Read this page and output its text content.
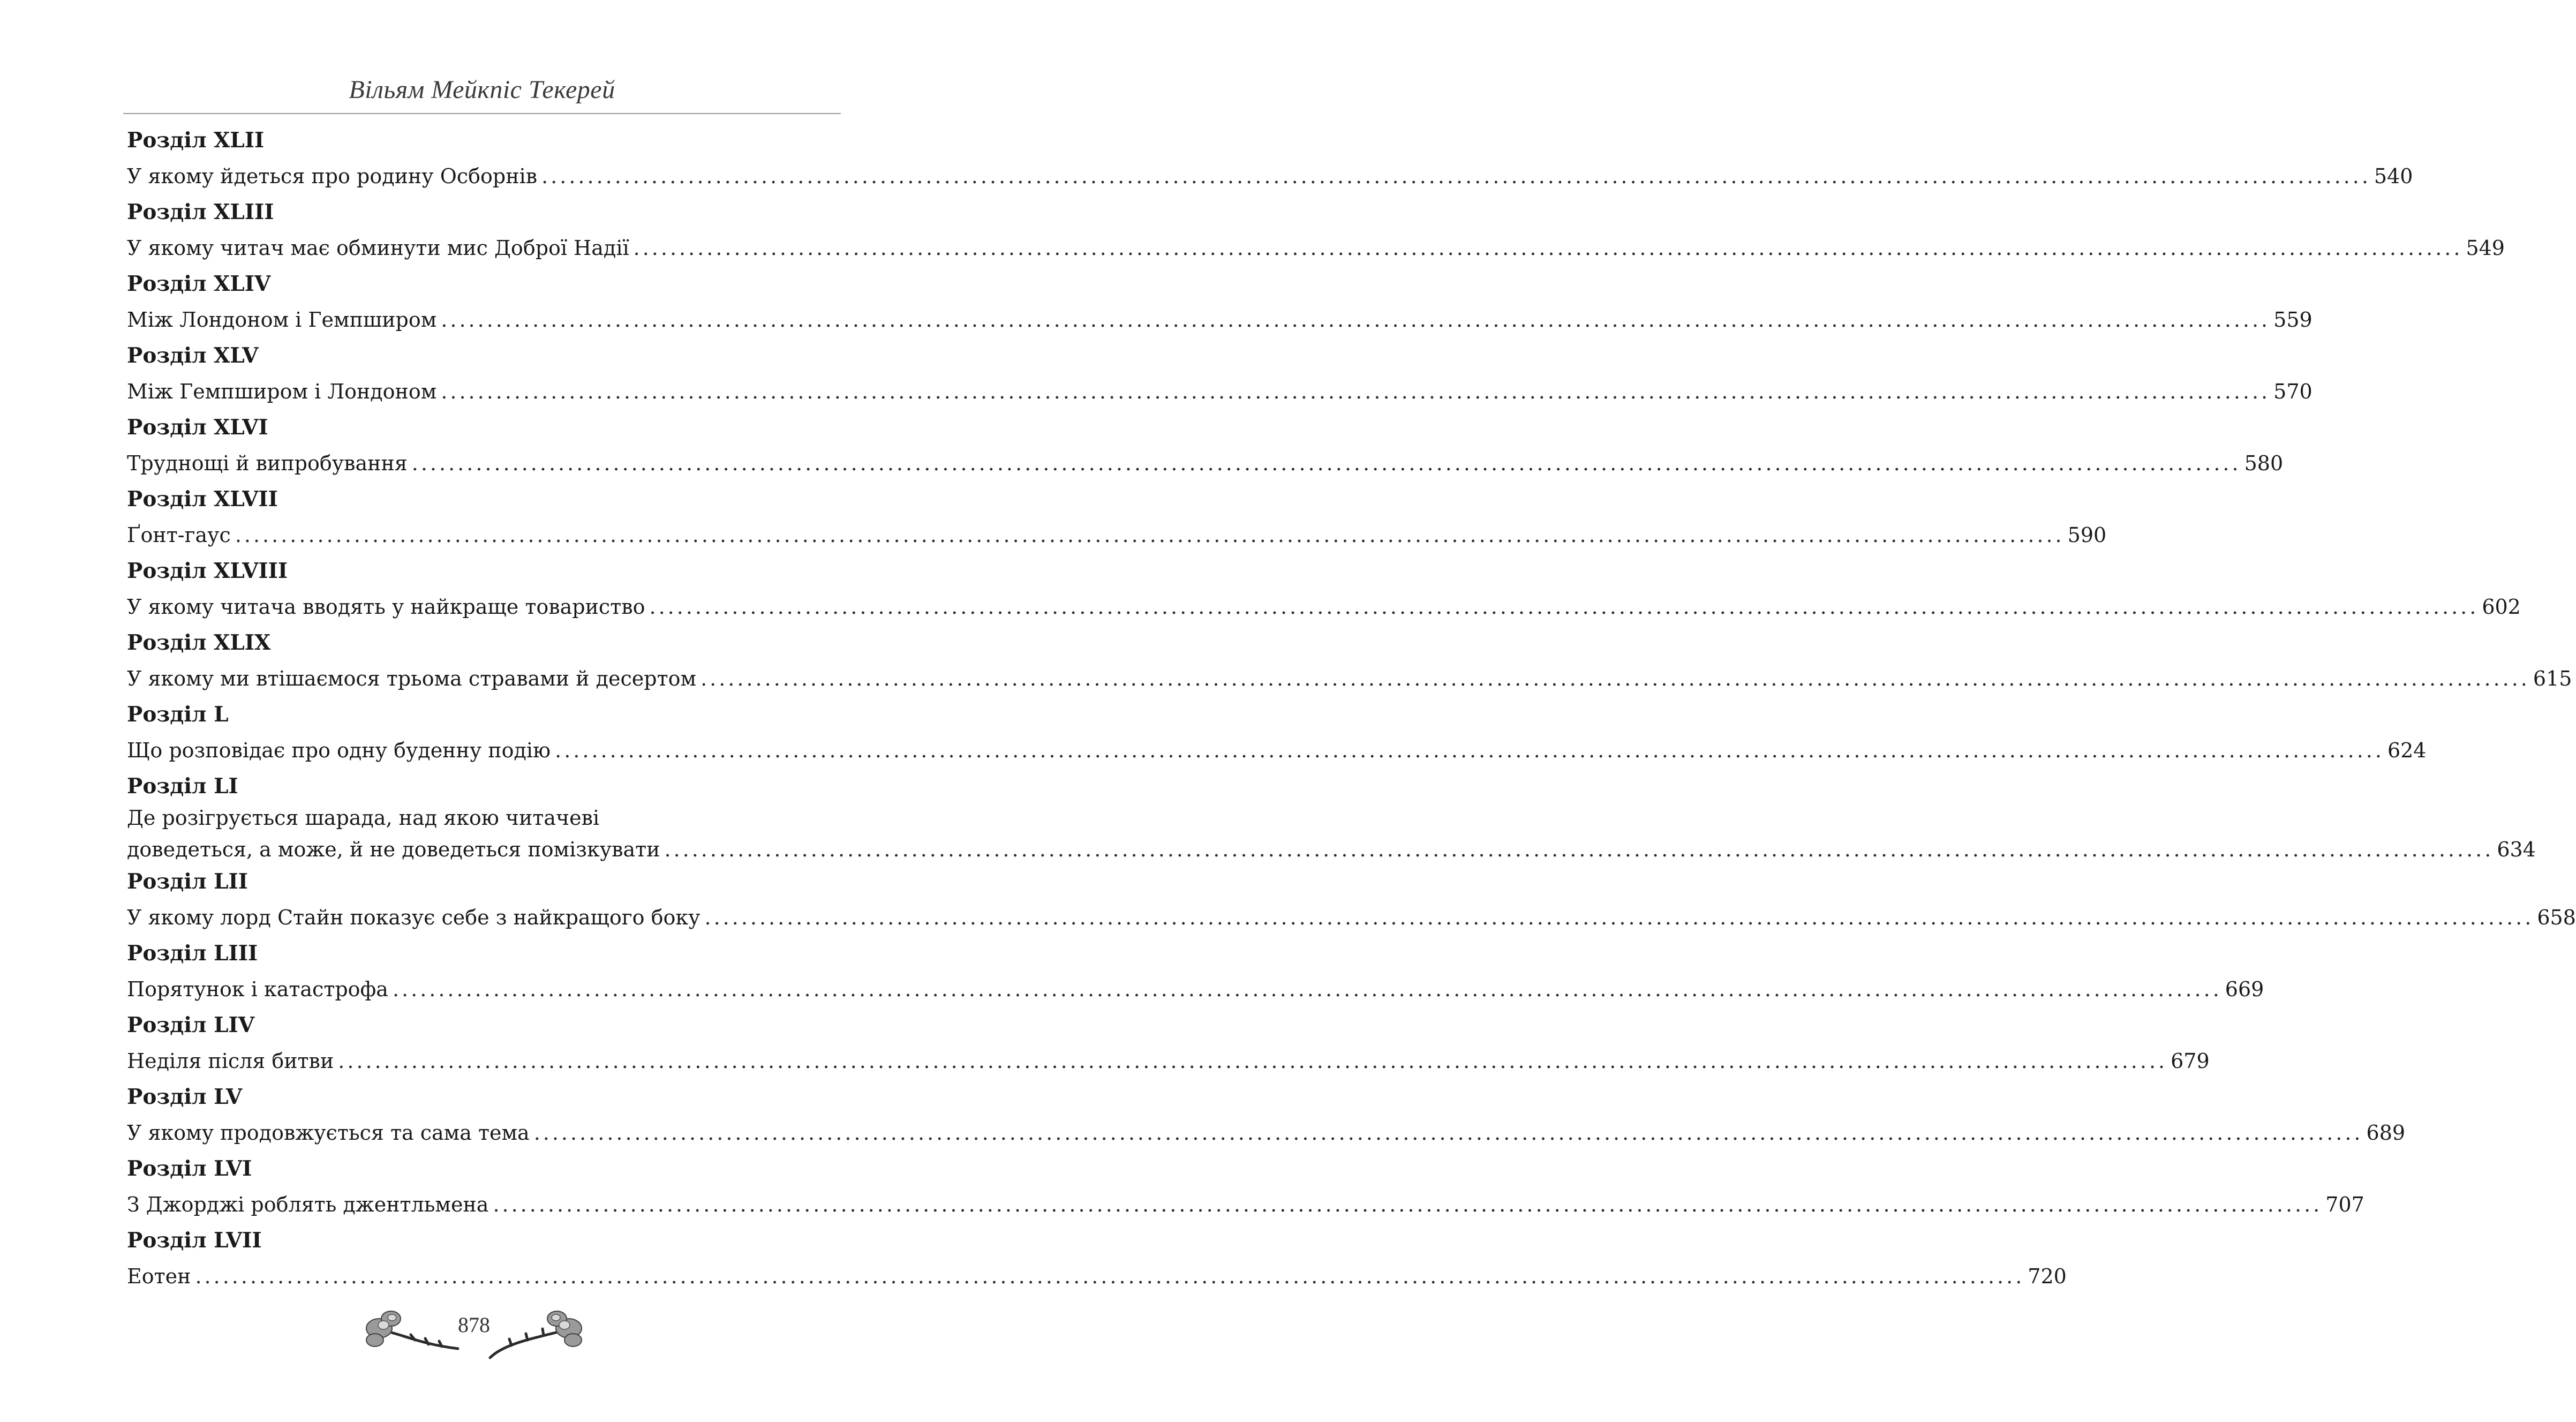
Вільям Мейкпіс Текерей
Розділ XLII
У якому йдеться про родину Осборнів ........................................................................................................................................................................................................ 540
Розділ XLIII
У якому читач має обминути мис Доброї Надії ........................................................................................................................................................................................................ 549
Розділ XLIV
Між Лондоном і Гемпширом ........................................................................................................................................................................................................ 559
Розділ XLV
Між Гемпширом і Лондоном ........................................................................................................................................................................................................ 570
Розділ XLVI
Труднощі й випробування ........................................................................................................................................................................................................ 580
Розділ XLVII
Ґонт-гаус ........................................................................................................................................................................................................ 590
Розділ XLVIII
У якому читача вводять у найкраще товариство ........................................................................................................................................................................................................ 602
Розділ XLIX
У якому ми втішаємося трьома стравами й десертом ........................................................................................................................................................................................................ 615
Розділ L
Що розповідає про одну буденну подію ........................................................................................................................................................................................................ 624
Розділ LI
Де розігрується шарада, над якою читачеві
доведеться, а може, й не доведеться помізкувати ........................................................................................................................................................................................................ 634
Розділ LII
У якому лорд Стайн показує себе з найкращого боку ........................................................................................................................................................................................................ 658
Розділ LIII
Порятунок і катастрофа ........................................................................................................................................................................................................ 669
Розділ LIV
Неділя після битви ........................................................................................................................................................................................................ 679
Розділ LV
У якому продовжується та сама тема ........................................................................................................................................................................................................ 689
Розділ LVI
З Джорджі роблять джентльмена ........................................................................................................................................................................................................ 707
Розділ LVII
Еотен ........................................................................................................................................................................................................ 720
878
